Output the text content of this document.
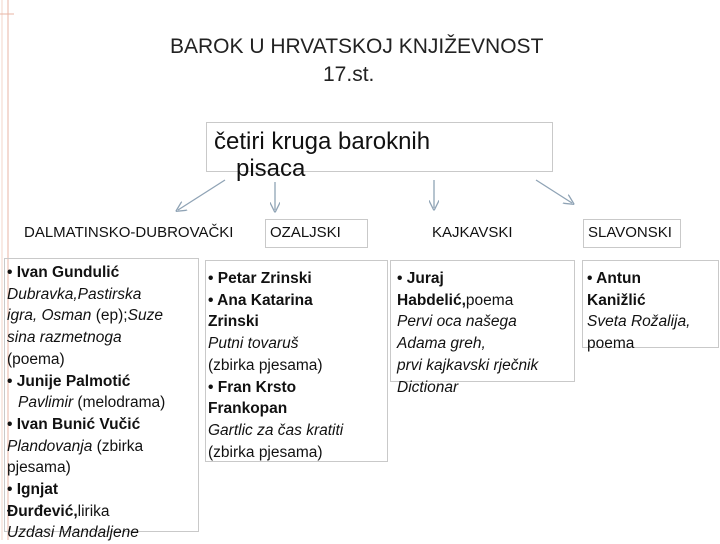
BAROK U HRVATSKOJ KNJIŽEVNOST
17.st.
četiri kruga baroknih
pisaca
DALMATINSKO-DUBROVAČKI OZALJSKI	KAJKAVSKI	SLAVONSKI

• Ivan Gundulić

Dubravka,Pastirska

igra, Osman (ep);Suze

sina razmetnoga

(poema)

• Junije Palmotić

Pavlimir (melodrama)

• Ivan Bunić Vučić

Plandovanja (zbirka

pjesama)

• Ignjat

Đurđević,lirika

Uzdasi Mandaljene

• Petar Zrinski

• Ana Katarina

Zrinski

Putni tovaruš

(zbirka pjesama)

• Fran Krsto

Frankopan

Gartlic za čas kratiti

(zbirka pjesama)

• Juraj

Habdelić,poema

Pervi oca našega

Adama greh,

prvi kajkavski rječnik

Dictionar

• Antun

Kanižlić

Sveta Rožalija,

poema
